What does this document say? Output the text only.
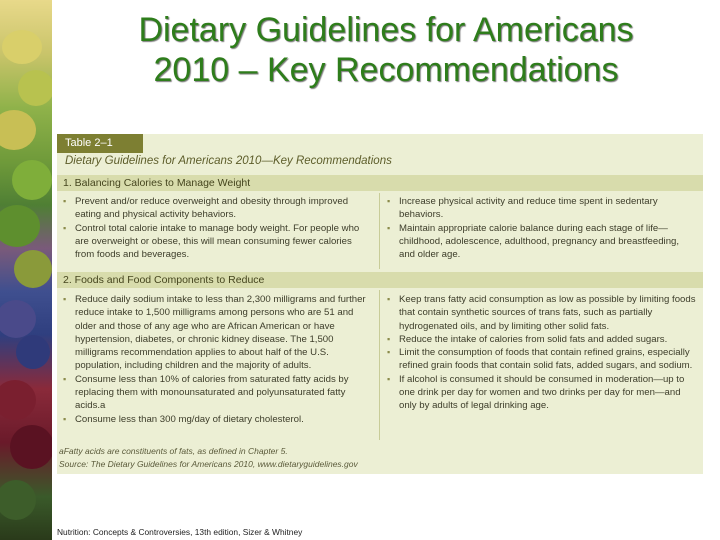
Dietary Guidelines for Americans
2010 – Key Recommendations
Table 2–1
Dietary Guidelines for Americans 2010—Key Recommendations
1. Balancing Calories to Manage Weight
▪ Prevent and/or reduce overweight and obesity through improved eating and physical activity behaviors.
▪ Control total calorie intake to manage body weight. For people who are overweight or obese, this will mean consuming fewer calories from foods and beverages.
▪ Increase physical activity and reduce time spent in sedentary behaviors.
▪ Maintain appropriate calorie balance during each stage of life—childhood, adolescence, adulthood, pregnancy and breastfeeding, and older age.
2. Foods and Food Components to Reduce
▪ Reduce daily sodium intake to less than 2,300 milligrams and further reduce intake to 1,500 milligrams among persons who are 51 and older and those of any age who are African American or have hypertension, diabetes, or chronic kidney disease. The 1,500 milligrams recommendation applies to about half of the U.S. population, including children and the majority of adults.
▪ Consume less than 10% of calories from saturated fatty acids by replacing them with monounsaturated and polyunsaturated fatty acids.a
▪ Consume less than 300 mg/day of dietary cholesterol.
▪ Keep trans fatty acid consumption as low as possible by limiting foods that contain synthetic sources of trans fats, such as partially hydrogenated oils, and by limiting other solid fats.
▪ Reduce the intake of calories from solid fats and added sugars.
▪ Limit the consumption of foods that contain refined grains, especially refined grain foods that contain solid fats, added sugars, and sodium.
▪ If alcohol is consumed it should be consumed in moderation—up to one drink per day for women and two drinks per day for men—and only by adults of legal drinking age.
aFatty acids are constituents of fats, as defined in Chapter 5.
Source: The Dietary Guidelines for Americans 2010, www.dietaryguidelines.gov
Nutrition: Concepts & Controversies, 13th edition, Sizer & Whitney
